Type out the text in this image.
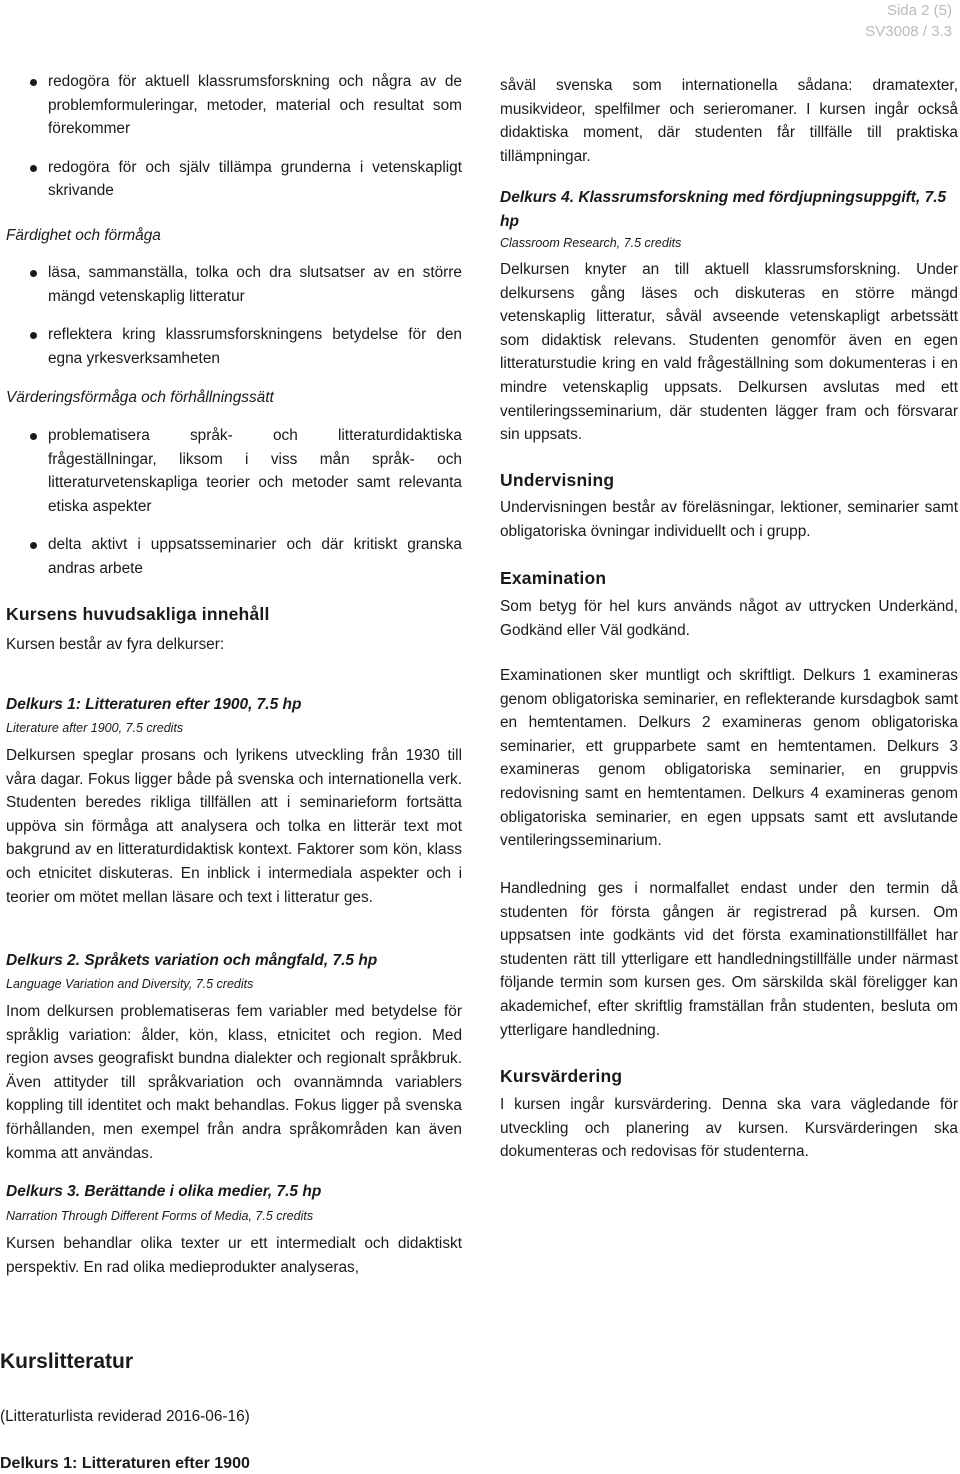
Sida 2 (5)
SV3008 / 3.3
redogöra för aktuell klassrumsforskning och några av de problemformuleringar, metoder, material och resultat som förekommer
redogöra för och själv tillämpa grunderna i vetenskapligt skrivande
Färdighet och förmåga
läsa, sammanställa, tolka och dra slutsatser av en större mängd vetenskaplig litteratur
reflektera kring klassrumsforskningens betydelse för den egna yrkesverksamheten
Värderingsförmåga och förhållningssätt
problematisera språk- och litteraturdidaktiska frågeställningar, liksom i viss mån språk- och litteraturvetenskapliga teorier och metoder samt relevanta etiska aspekter
delta aktivt i uppsatsseminarier och där kritiskt granska andras arbete
Kursens huvudsakliga innehåll
Kursen består av fyra delkurser:
Delkurs 1: Litteraturen efter 1900, 7.5 hp
Literature after 1900, 7.5 credits

Delkursen speglar prosans och lyrikens utveckling från 1930 till våra dagar. Fokus ligger både på svenska och internationella verk. Studenten beredes rikliga tillfällen att i seminarieform fortsätta uppöva sin förmåga att analysera och tolka en litterär text mot bakgrund av en litteraturdidaktisk kontext. Faktorer som kön, klass och etnicitet diskuteras. En inblick i intermediala aspekter och i teorier om mötet mellan läsare och text i litteratur ges.

Delkurs 2. Språkets variation och mångfald, 7.5 hp
Language Variation and Diversity, 7.5 credits

Inom delkursen problematiseras fem variabler med betydelse för språklig variation: ålder, kön, klass, etnicitet och region. Med region avses geografiskt bundna dialekter och regionalt språkbruk. Även attityder till språkvariation och ovannämnda variablers koppling till identitet och makt behandlas. Fokus ligger på svenska förhållanden, men exempel från andra språkområden kan även komma att användas.

Delkurs 3. Berättande i olika medier, 7.5 hp
Narration Through Different Forms of Media, 7.5 credits

Kursen behandlar olika texter ur ett intermedialt och didaktiskt perspektiv. En rad olika medieprodukter analyseras,

såväl svenska som internationella sådana: dramatexter, musikvideor, spelfilmer och serieromaner. I kursen ingår också didaktiska moment, där studenten får tillfälle till praktiska tillämpningar.

Delkurs 4. Klassrumsforskning med fördjupningsuppgift, 7.5 hp
Classroom Research, 7.5 credits

Delkursen knyter an till aktuell klassrumsforskning. Under delkursens gång läses och diskuteras en större mängd vetenskaplig litteratur, såväl avseende vetenskapligt arbetssätt som didaktisk relevans. Studenten genomför även en egen litteraturstudie kring en vald frågeställning som dokumenteras i en mindre vetenskaplig uppsats. Delkursen avslutas med ett ventileringsseminarium, där studenten lägger fram och försvarar sin uppsats.

Undervisning

Undervisningen består av föreläsningar, lektioner, seminarier samt obligatoriska övningar individuellt och i grupp.

Examination

Som betyg för hel kurs används något av uttrycken Underkänd, Godkänd eller Väl godkänd.

Examinationen sker muntligt och skriftligt. Delkurs 1 examineras genom obligatoriska seminarier, en reflekterande kursdagbok samt en hemtentamen. Delkurs 2 examineras genom obligatoriska seminarier, ett grupparbete samt en hemtentamen. Delkurs 3 examineras genom obligatoriska seminarier, en gruppvis redovisning samt en hemtentamen. Delkurs 4 examineras genom obligatoriska seminarier, en egen uppsats samt ett avslutande ventileringsseminarium.

Handledning ges i normalfallet endast under den termin då studenten för första gången är registrerad på kursen. Om uppsatsen inte godkänts vid det första examinationstillfället har studenten rätt till ytterligare ett handledningstillfälle under närmast följande termin som kursen ges. Om särskilda skäl föreligger kan akademichef, efter skriftlig framställan från studenten, besluta om ytterligare handledning.

Kursvärdering

I kursen ingår kursvärdering. Denna ska vara vägledande för utveckling och planering av kursen. Kursvärderingen ska dokumenteras och redovisas för studenterna.

Kurslitteratur
(Litteraturlista reviderad 2016-06-16)
Delkurs 1: Litteraturen efter 1900
